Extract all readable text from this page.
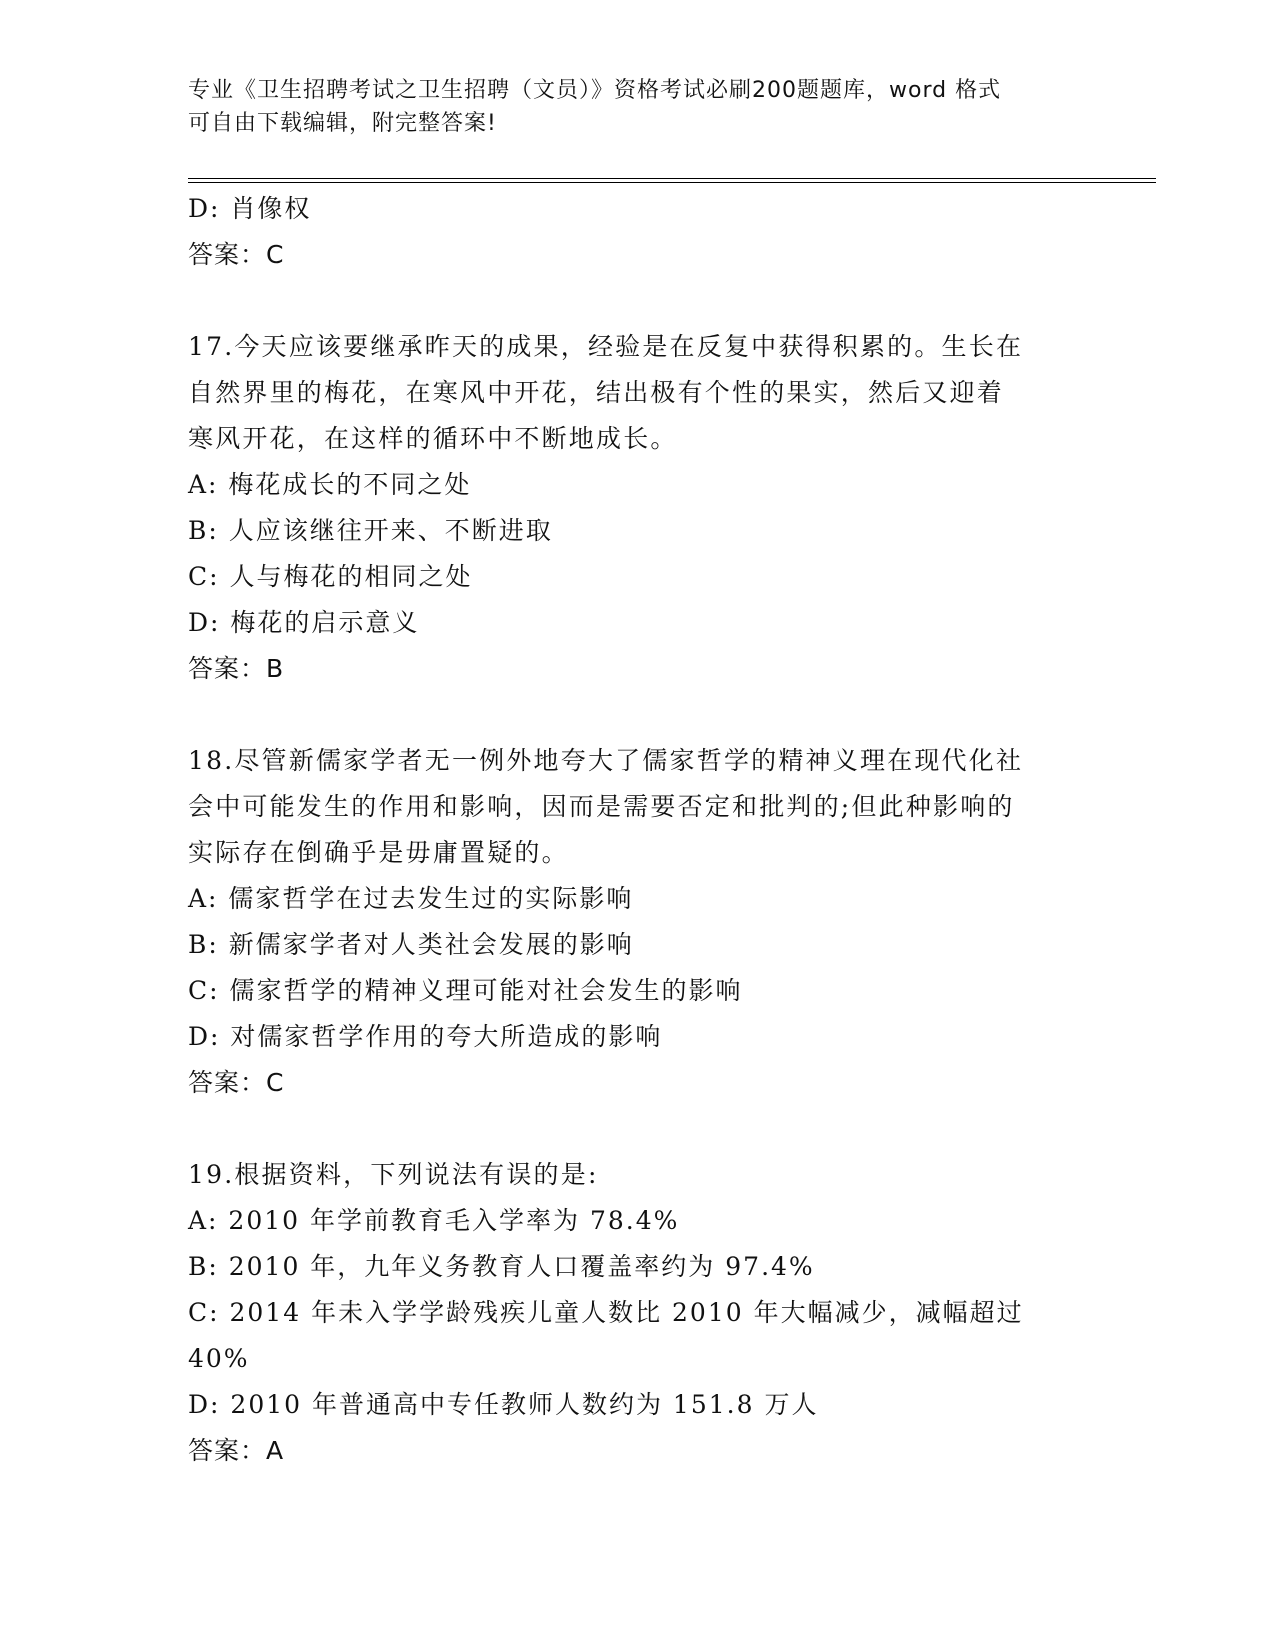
专业《卫生招聘考试之卫生招聘（文员）》资格考试必刷200题题库，word 格式
可自由下载编辑，附完整答案!
D: 肖像权
答案：C
17.今天应该要继承昨天的成果，经验是在反复中获得积累的。生长在
自然界里的梅花，在寒风中开花，结出极有个性的果实，然后又迎着
寒风开花，在这样的循环中不断地成长。
A: 梅花成长的不同之处
B: 人应该继往开来、不断进取
C: 人与梅花的相同之处
D: 梅花的启示意义
答案：B
18.尽管新儒家学者无一例外地夸大了儒家哲学的精神义理在现代化社
会中可能发生的作用和影响，因而是需要否定和批判的;但此种影响的
实际存在倒确乎是毋庸置疑的。
A: 儒家哲学在过去发生过的实际影响
B: 新儒家学者对人类社会发展的影响
C: 儒家哲学的精神义理可能对社会发生的影响
D: 对儒家哲学作用的夸大所造成的影响
答案：C
19.根据资料，下列说法有误的是:
A: 2010 年学前教育毛入学率为 78.4%
B: 2010 年，九年义务教育人口覆盖率约为 97.4%
C: 2014 年未入学学龄残疾儿童人数比 2010 年大幅减少，减幅超过
40%
D: 2010 年普通高中专任教师人数约为 151.8 万人
答案：A
